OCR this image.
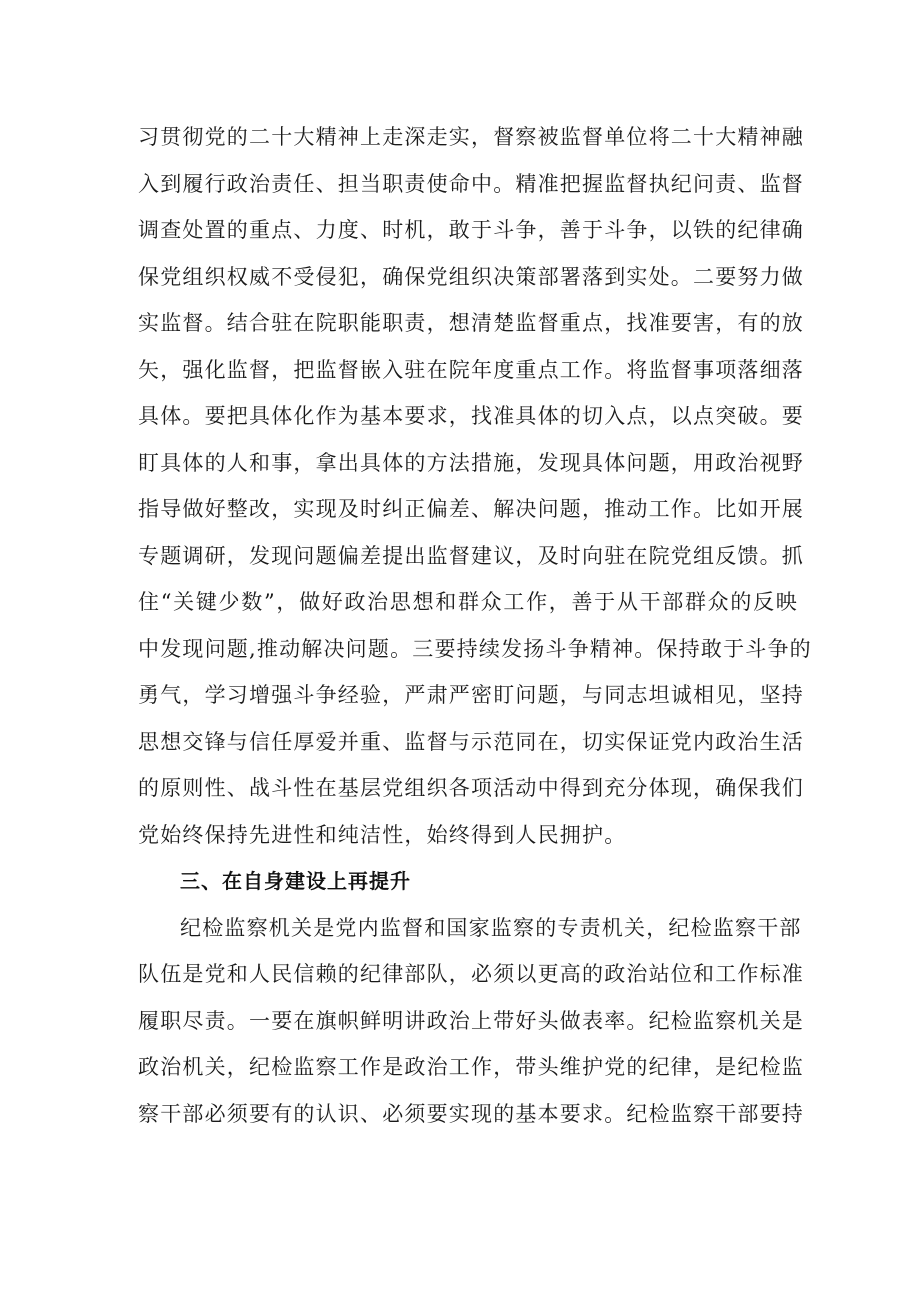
习贯彻党的二十大精神上走深走实，督察被监督单位将二十大精神融
入到履行政治责任、担当职责使命中。精准把握监督执纪问责、监督
调查处置的重点、力度、时机，敢于斗争，善于斗争，以铁的纪律确
保党组织权威不受侵犯，确保党组织决策部署落到实处。二要努力做
实监督。结合驻在院职能职责，想清楚监督重点，找准要害，有的放
矢，强化监督，把监督嵌入驻在院年度重点工作。将监督事项落细落
具体。要把具体化作为基本要求，找准具体的切入点，以点突破。要
盯具体的人和事，拿出具体的方法措施，发现具体问题，用政治视野
指导做好整改，实现及时纠正偏差、解决问题，推动工作。比如开展
专题调研，发现问题偏差提出监督建议，及时向驻在院党组反馈。抓
住“关键少数”，做好政治思想和群众工作，善于从干部群众的反映
中发现问题,推动解决问题。三要持续发扬斗争精神。保持敢于斗争的
勇气，学习增强斗争经验，严肃严密盯问题，与同志坦诚相见，坚持
思想交锋与信任厚爱并重、监督与示范同在，切实保证党内政治生活
的原则性、战斗性在基层党组织各项活动中得到充分体现，确保我们
党始终保持先进性和纯洁性，始终得到人民拥护。
三、在自身建设上再提升
纪检监察机关是党内监督和国家监察的专责机关，纪检监察干部
队伍是党和人民信赖的纪律部队，必须以更高的政治站位和工作标准
履职尽责。一要在旗帜鲜明讲政治上带好头做表率。纪检监察机关是
政治机关，纪检监察工作是政治工作，带头维护党的纪律，是纪检监
察干部必须要有的认识、必须要实现的基本要求。纪检监察干部要持
